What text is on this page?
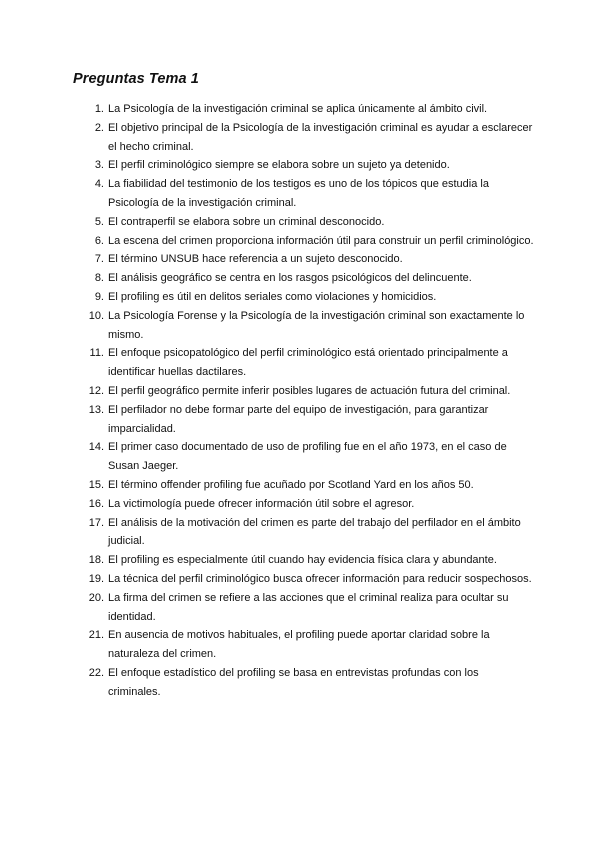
Preguntas Tema 1
1. La Psicología de la investigación criminal se aplica únicamente al ámbito civil.
2. El objetivo principal de la Psicología de la investigación criminal es ayudar a esclarecer el hecho criminal.
3. El perfil criminológico siempre se elabora sobre un sujeto ya detenido.
4. La fiabilidad del testimonio de los testigos es uno de los tópicos que estudia la Psicología de la investigación criminal.
5. El contraperfil se elabora sobre un criminal desconocido.
6. La escena del crimen proporciona información útil para construir un perfil criminológico.
7. El término UNSUB hace referencia a un sujeto desconocido.
8. El análisis geográfico se centra en los rasgos psicológicos del delincuente.
9. El profiling es útil en delitos seriales como violaciones y homicidios.
10. La Psicología Forense y la Psicología de la investigación criminal son exactamente lo mismo.
11. El enfoque psicopatológico del perfil criminológico está orientado principalmente a identificar huellas dactilares.
12. El perfil geográfico permite inferir posibles lugares de actuación futura del criminal.
13. El perfilador no debe formar parte del equipo de investigación, para garantizar imparcialidad.
14. El primer caso documentado de uso de profiling fue en el año 1973, en el caso de Susan Jaeger.
15. El término offender profiling fue acuñado por Scotland Yard en los años 50.
16. La victimología puede ofrecer información útil sobre el agresor.
17. El análisis de la motivación del crimen es parte del trabajo del perfilador en el ámbito judicial.
18. El profiling es especialmente útil cuando hay evidencia física clara y abundante.
19. La técnica del perfil criminológico busca ofrecer información para reducir sospechosos.
20. La firma del crimen se refiere a las acciones que el criminal realiza para ocultar su identidad.
21. En ausencia de motivos habituales, el profiling puede aportar claridad sobre la naturaleza del crimen.
22. El enfoque estadístico del profiling se basa en entrevistas profundas con los criminales.
